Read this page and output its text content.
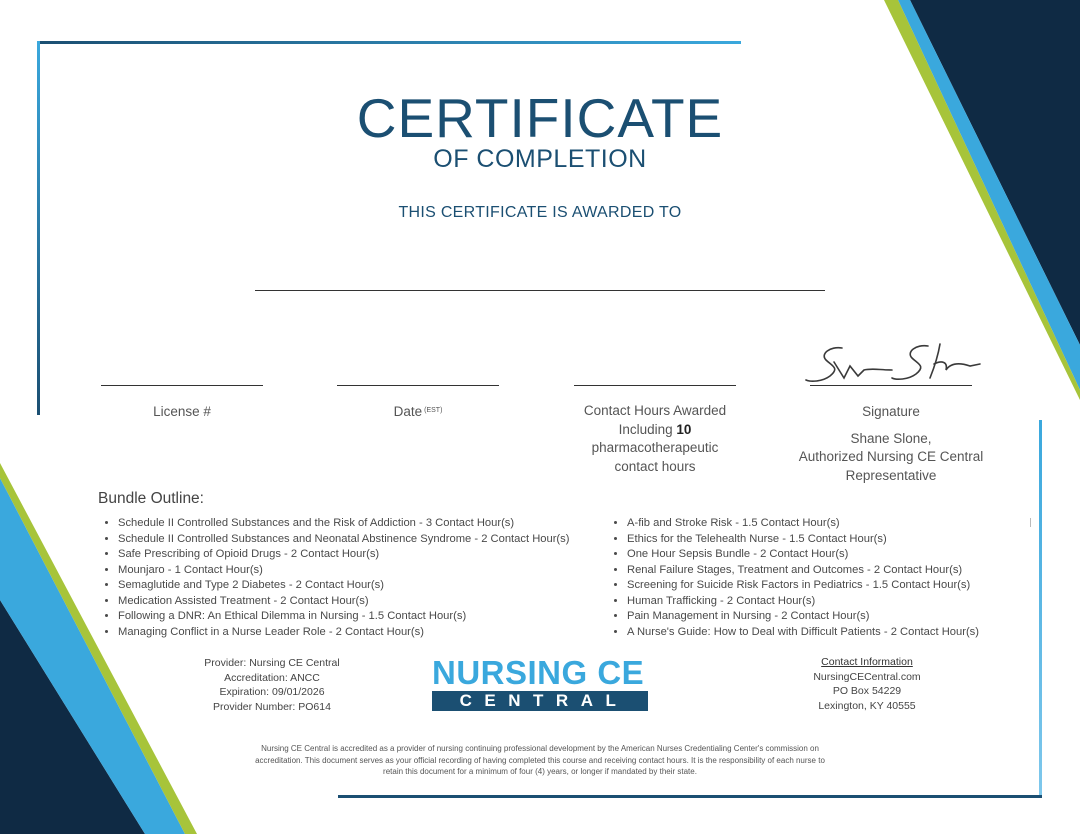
CERTIFICATE
OF COMPLETION
THIS CERTIFICATE IS AWARDED TO
License #	Date $^{(EST)}$	Contact Hours Awarded
Including 10
pharmacotherapeutic
contact hours
Signature
Shane Slone,
Authorized Nursing CE Central
Representative
Bundle Outline:
• Schedule II Controlled Substances and the Risk of Addiction - 3 Contact Hour(s)
• Schedule II Controlled Substances and Neonatal Abstinence Syndrome - 2 Contact Hour(s)
• Safe Prescribing of Opioid Drugs - 2 Contact Hour(s)
• Mounjaro - 1 Contact Hour(s)
• Semaglutide and Type 2 Diabetes - 2 Contact Hour(s)
• Medication Assisted Treatment - 2 Contact Hour(s)
• Following a DNR: An Ethical Dilemma in Nursing - 1.5 Contact Hour(s)
• Managing Conflict in a Nurse Leader Role - 2 Contact Hour(s)
• A-fib and Stroke Risk - 1.5 Contact Hour(s)
• Ethics for the Telehealth Nurse - 1.5 Contact Hour(s)
• One Hour Sepsis Bundle - 2 Contact Hour(s)
• Renal Failure Stages, Treatment and Outcomes - 2 Contact Hour(s)
• Screening for Suicide Risk Factors in Pediatrics - 1.5 Contact Hour(s)
• Human Trafficking - 2 Contact Hour(s)
• Pain Management in Nursing - 2 Contact Hour(s)
• A Nurse's Guide: How to Deal with Difficult Patients - 2 Contact Hour(s)
Provider: Nursing CE Central
Accreditation: ANCC
Expiration: 09/01/2026
Provider Number: PO614
NURSING CE
CENTRAL
Contact Information
NursingCECentral.com
PO Box 54229
Lexington, KY 40555
Nursing CE Central is accredited as a provider of nursing continuing professional development by the American Nurses Credentialing Center's commission on accreditation. This document serves as your official recording of having completed this course and receiving contact hours. It is the responsibility of each nurse to retain this document for a minimum of four (4) years, or longer if mandated by their state.
